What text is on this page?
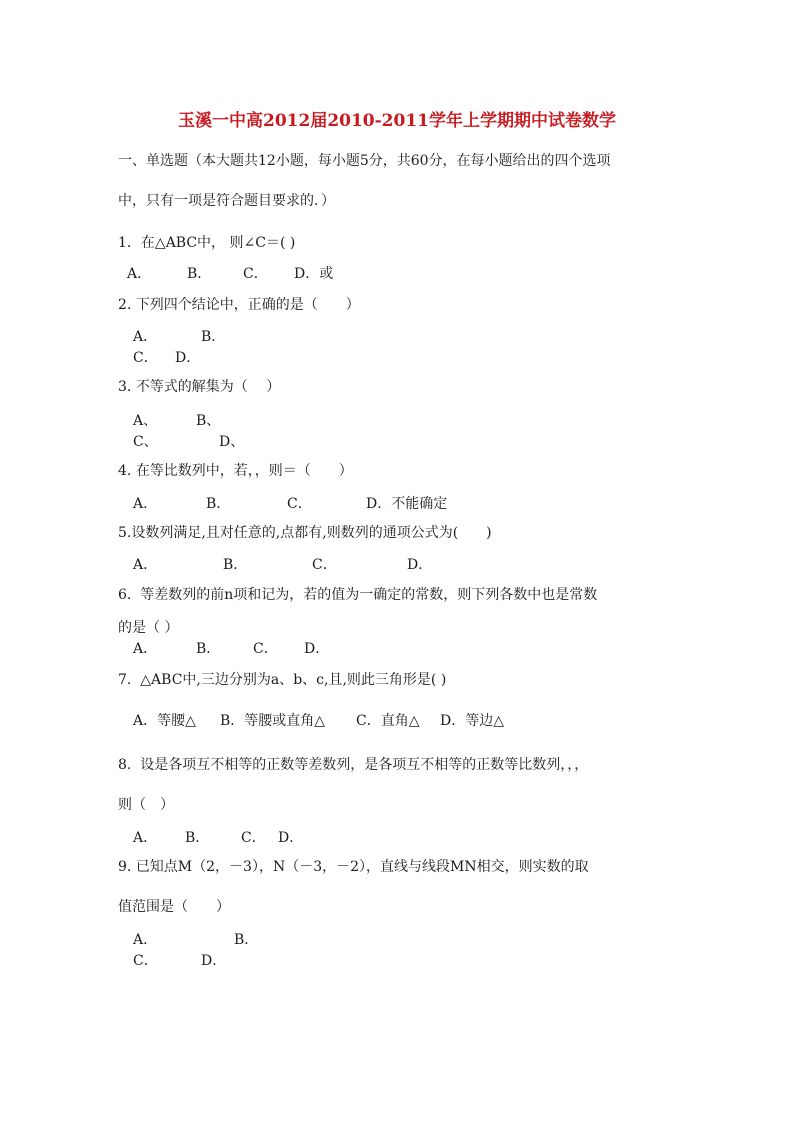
玉溪一中高2012届2010-2011学年上学期期中试卷数学
一、单选题（本大题共12小题，每小题5分，共60分，在每小题给出的四个选项
中，只有一项是符合题目要求的．）
1．在△ABC中， 则∠C＝( )
A．	B． C． D．或
2. 下列四个结论中，正确的是（　　）
A．	B．
C． D．
3. 不等式的解集为（　 ）
A、	B、
C、	D、
4. 在等比数列中，若，，则＝（　　）
A．	B．	C．	D．不能确定
5.设数列满足,且对任意的,点都有,则数列的通项公式为(　　)
A．	B．	C．	D．
6. 等差数列的前n项和记为，若的值为一确定的常数，则下列各数中也是常数
的是（ ）
A．	B． C． D．
7. △ABC中,三边分别为a、b、c,且,则此三角形是( )
A．等腰△ B．等腰或直角△ C．直角△ D．等边△
8. 设是各项互不相等的正数等差数列，是各项互不相等的正数等比数列，，，
则（　）
A． B． C． D．
9. 已知点M（2，－3），N（－3，－2），直线与线段MN相交，则实数的取
值范围是（　　）
A．	B．
C．	D．
